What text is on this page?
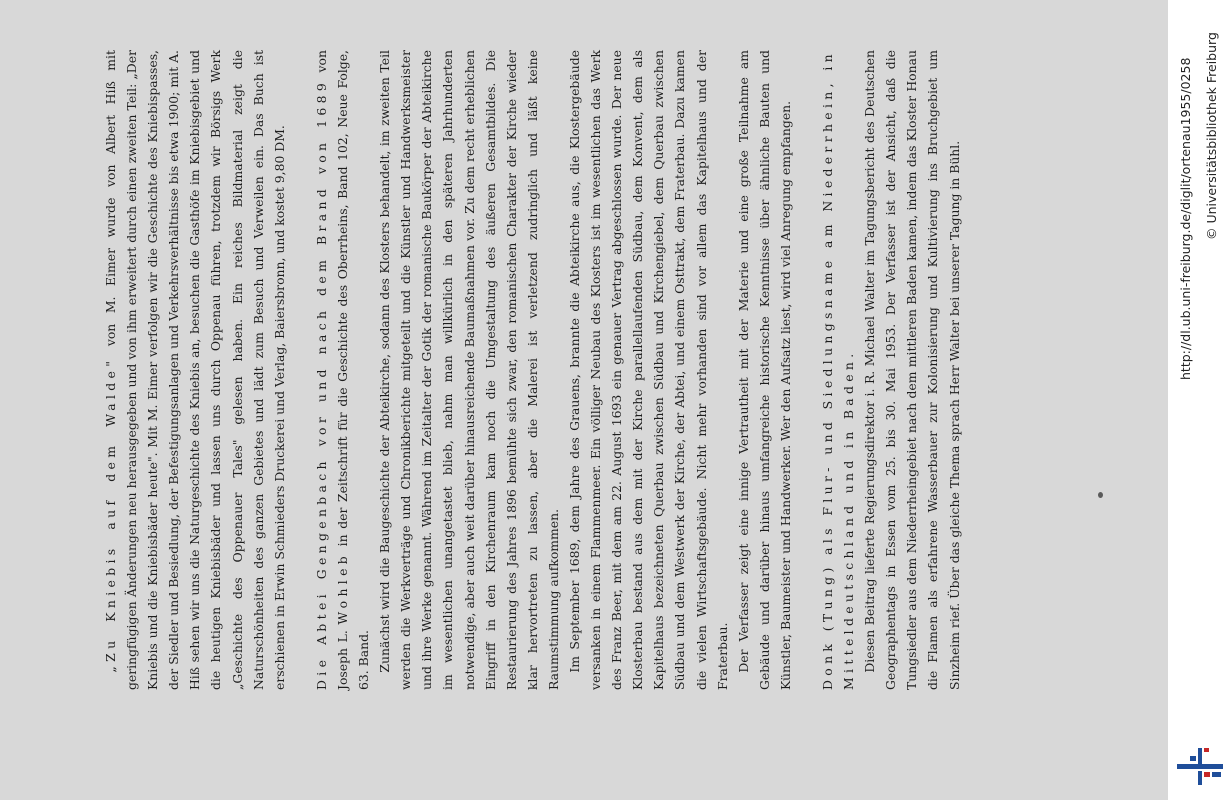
„Zu Kniebis auf dem Walde" von M. Eimer wurde von Albert Hiß mit geringfügigen Änderungen neu herausgegeben und von ihm erweitert durch einen zweiten Teil: „Der Kniebis und die Kniebisbäder heute". Mit M. Eimer verfolgen wir die Geschichte des Kniebispasses, der Siedler und Besiedlung, der Befestigungsanlagen und Verkehrsverhältnisse bis etwa 1900; mit A. Hiß sehen wir uns die Naturgeschichte des Kniebis an, besuchen die Gasthöfe im Kniebisgebiet und die heutigen Kniebisbäder und lassen uns durch Oppenau führen, trotzdem wir Börsigs Werk „Geschichte des Oppenauer Tales" gelesen haben. Ein reiches Bildmaterial zeigt die Naturschönheiten des ganzen Gebietes und lädt zum Besuch und Verweilen ein. Das Buch ist erschienen in Erwin Schmieders Druckerei und Verlag, Baiersbronn, und kostet 9,80 DM. Die Abtei Gengenbach vor und nach dem Brand von 1689 von Joseph L. Wohleb in der Zeitschrift für die Geschichte des Oberrheins, Band 102, Neue Folge, 63. Band. Zunächst wird die Baugeschichte der Abteikirche, sodann des Klosters behandelt, im zweiten Teil werden die Werkverträge und Chronikberichte mitgeteilt und die Künstler und Handwerksmeister und ihre Werke genannt. Während im Zeitalter der Gotik der romanische Baukörper der Abteikirche im wesentlichen unangetastet blieb, nahm man willkürlich in den späteren Jahrhunderten notwendige, aber auch weit darüber hinausreichende Baumaßnahmen vor. Zu dem recht erheblichen Eingriff in den Kirchenraum kam noch die Umgestaltung des äußeren Gesamtbildes. Die Restaurierung des Jahres 1896 bemühte sich zwar, den romanischen Charakter der Kirche wieder klar hervortreten zu lassen, aber die Malerei ist verletzend zudringlich und läßt keine Raumstimmung aufkommen. Im September 1689, dem Jahre des Grauens, brannte die Abteikirche aus, die Klostergebäude versanken in einem Flammenmeer. Ein völliger Neubau des Klosters ist im wesentlichen das Werk des Franz Beer, mit dem am 22. August 1693 ein genauer Vertrag abgeschlossen wurde. Der neue Klosterbau bestand aus dem mit der Kirche parallellaufenden Südbau, dem Konvent, dem als Kapitelhaus bezeichneten Querbau zwischen Südbau und Kirchengiebel, dem Querbau zwischen Südbau und dem Westwerk der Kirche, der Abtei, und einem Osttrakt, dem Fraterbau. Dazu kamen die vielen Wirtschaftsgebäude. Nicht mehr vorhanden sind vor allem das Kapitelhaus und der Fraterbau. Der Verfasser zeigt eine innige Vertrautheit mit der Materie und eine große Teilnahme am Gebäude und darüber hinaus umfangreiche historische Kenntnisse über ähnliche Bauten und Künstler, Baumeister und Handwerker. Wer den Aufsatz liest, wird viel Anregung empfangen. Donk (Tung) als Flur- und Siedlungsname am Niederrhein, in Mitteldeutschland und in Baden. Diesen Beitrag lieferte Regierungsdirektor i. R. Michael Walter im Tagungsbericht des Deutschen Geographentags in Essen vom 25. bis 30. Mai 1953. Der Verfasser ist der Ansicht, daß die Tungsiedler aus dem Niederrheingebiet nach dem mittleren Baden kamen, indem das Kloster Honau die Flamen als erfahrene Wasserbauer zur Kolonisierung und Kultivierung ins Bruchgebiet um Sinzheim rief. Über das gleiche Thema sprach Herr Walter bei unserer Tagung in Bühl.	http://dl.ub.uni-freiburg.de/diglit/ortenau1955/0258 © Universitätsbibliothek Freiburg
